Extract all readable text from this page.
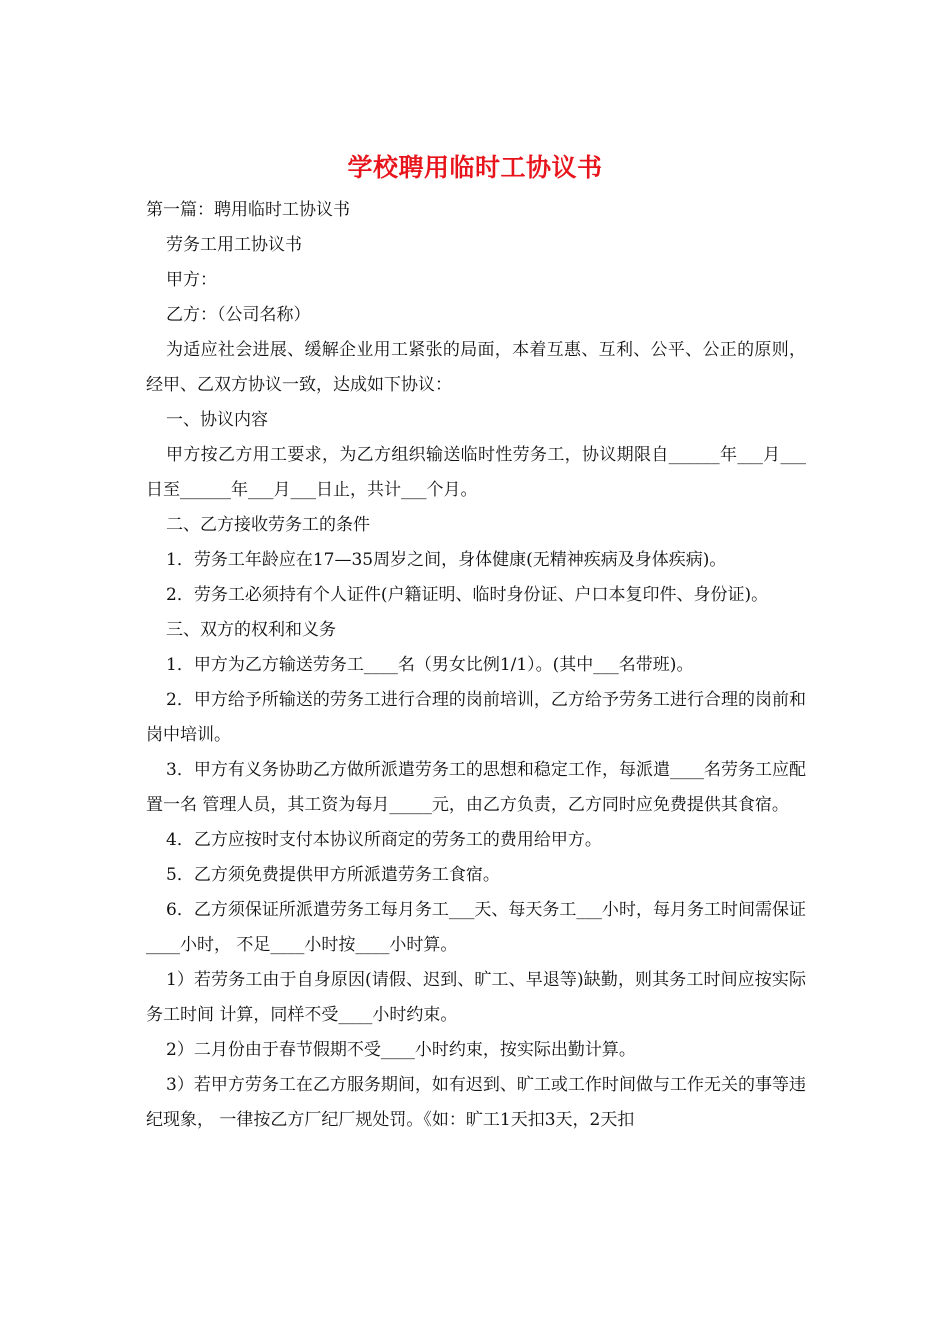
学校聘用临时工协议书

第一篇：聘用临时工协议书

劳务工用工协议书

甲方：

乙方：（公司名称）

为适应社会进展、缓解企业用工紧张的局面，本着互惠、互利、公平、公正的原则，经甲、乙双方协议一致，达成如下协议：

一、协议内容

甲方按乙方用工要求，为乙方组织输送临时性劳务工，协议期限自______年___月___日至______年___月___日止，共计___个月。

二、乙方接收劳务工的条件

1．劳务工年龄应在17—35周岁之间，身体健康(无精神疾病及身体疾病)。

2．劳务工必须持有个人证件(户籍证明、临时身份证、户口本复印件、身份证)。

三、双方的权利和义务

1．甲方为乙方输送劳务工____名（男女比例1/1）。(其中___名带班)。

2．甲方给予所输送的劳务工进行合理的岗前培训，乙方给予劳务工进行合理的岗前和岗中培训。

3．甲方有义务协助乙方做所派遣劳务工的思想和稳定工作，每派遣____名劳务工应配置一名 管理人员，其工资为每月_____元，由乙方负责，乙方同时应免费提供其食宿。

4．乙方应按时支付本协议所商定的劳务工的费用给甲方。

5．乙方须免费提供甲方所派遣劳务工食宿。

6．乙方须保证所派遣劳务工每月务工___天、每天务工___小时，每月务工时间需保证____小时， 不足____小时按____小时算。

1）若劳务工由于自身原因(请假、迟到、旷工、早退等)缺勤，则其务工时间应按实际务工时间 计算，同样不受____小时约束。

2）二月份由于春节假期不受____小时约束，按实际出勤计算。

3）若甲方劳务工在乙方服务期间，如有迟到、旷工或工作时间做与工作无关的事等违纪现象， 一律按乙方厂纪厂规处罚。《如：旷工1天扣3天，2天扣
